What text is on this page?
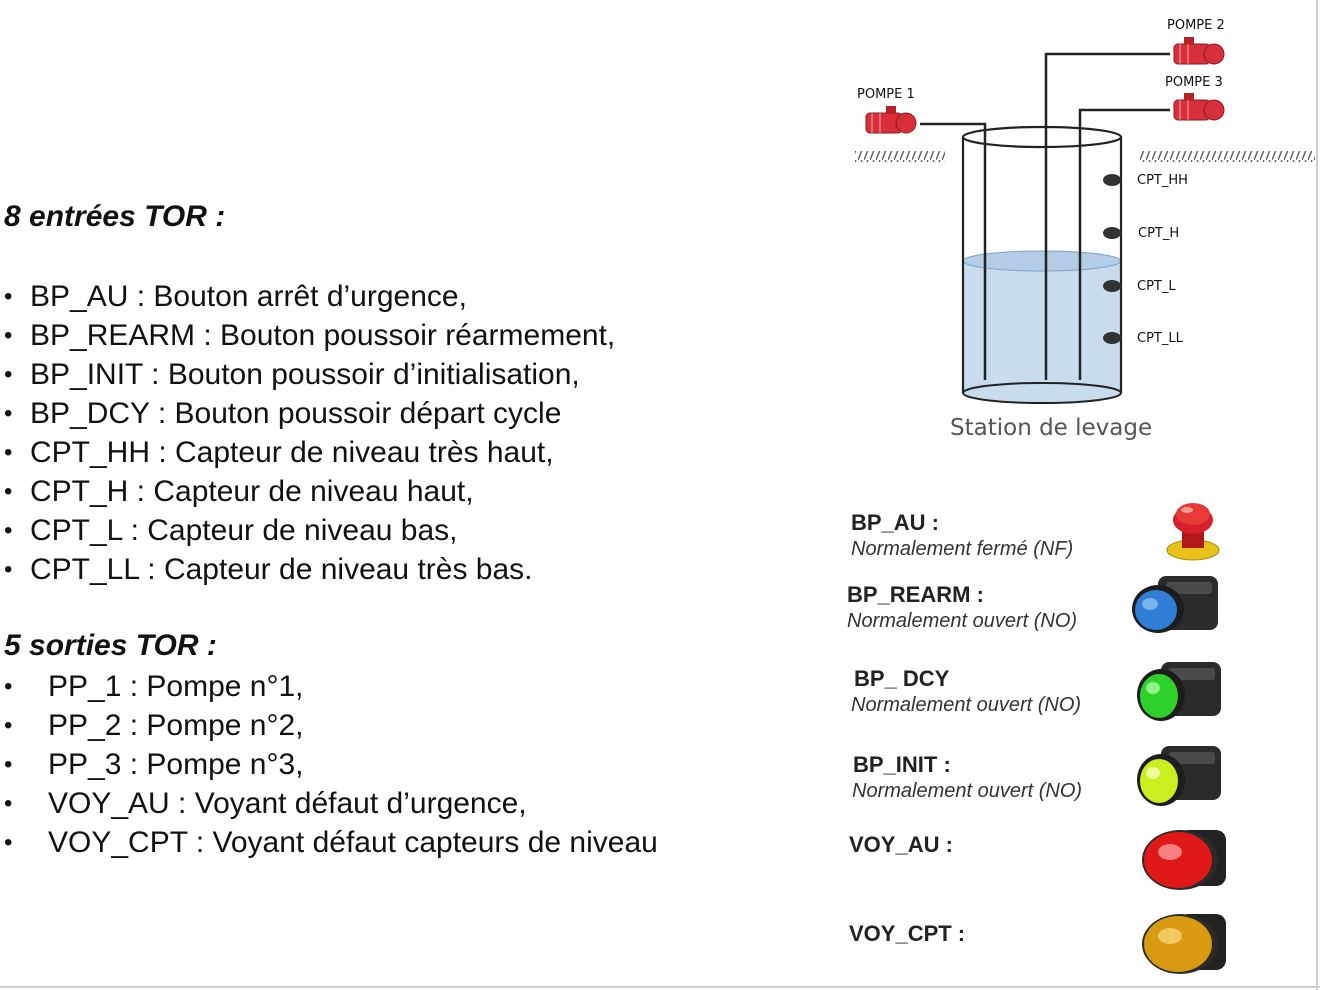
8 entrées TOR :
• BP_AU : Bouton arrêt d’urgence,
• BP_REARM : Bouton poussoir réarmement,
• BP_INIT : Bouton poussoir d’initialisation,
• BP_DCY : Bouton poussoir départ cycle
• CPT_HH : Capteur de niveau très haut,
• CPT_H : Capteur de niveau haut,
• CPT_L : Capteur de niveau bas,
• CPT_LL : Capteur de niveau très bas.
5 sorties TOR :
• PP_1 : Pompe n°1,
• PP_2 : Pompe n°2,
• PP_3 : Pompe n°3,
• VOY_AU : Voyant défaut d’urgence,
• VOY_CPT : Voyant défaut capteurs de niveau
POMPE 1
POMPE 2
POMPE 3
CPT_HH
CPT_H
CPT_L
CPT_LL
Station de levage
BP_AU :
Normalement fermé (NF)
BP_REARM :
Normalement ouvert (NO)
BP_ DCY
Normalement ouvert (NO)
BP_INIT :
Normalement ouvert (NO)
VOY_AU :
VOY_CPT :
